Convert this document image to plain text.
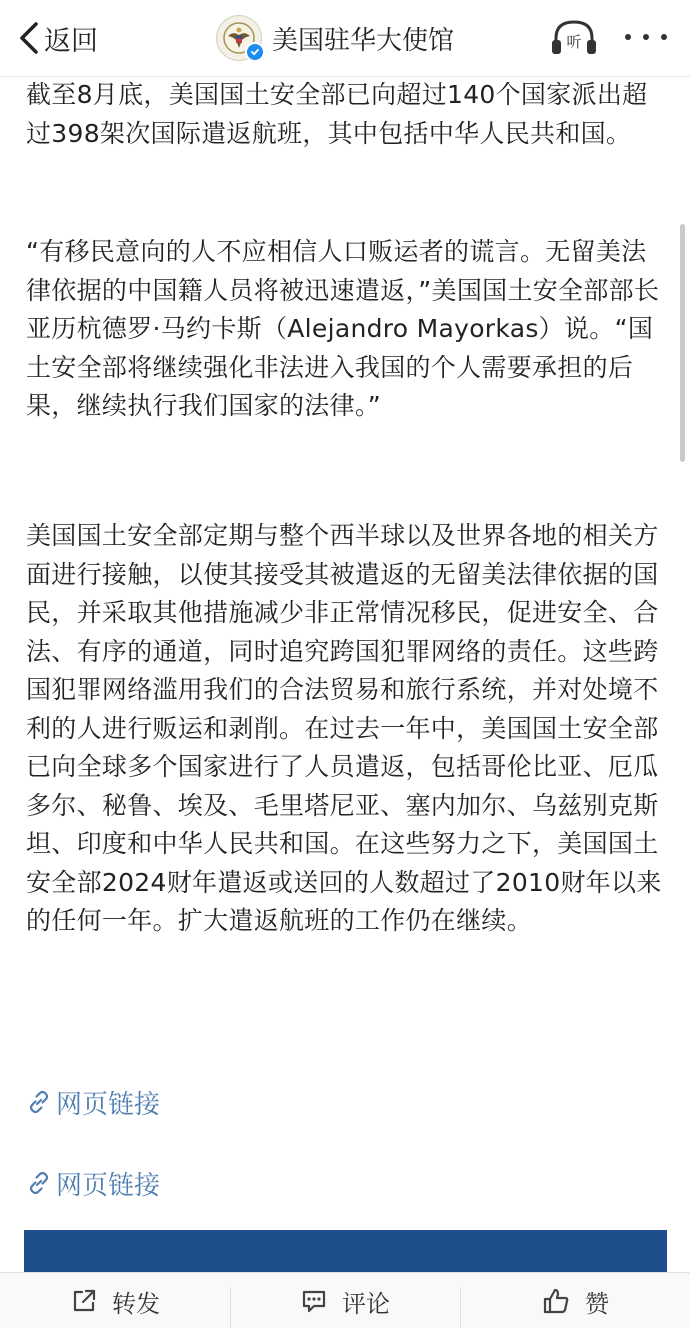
返回	美国驻华大使馆	听

截至8月底，美国国土安全部已向超过140个国家派出超过398架次国际遣返航班，其中包括中华人民共和国。

“有移民意向的人不应相信人口贩运者的谎言。无留美法律依据的中国籍人员将被迅速遣返，”美国国土安全部部长亚历杭德罗·马约卡斯（Alejandro Mayorkas）说。“国土安全部将继续强化非法进入我国的个人需要承担的后果，继续执行我们国家的法律。”

美国国土安全部定期与整个西半球以及世界各地的相关方面进行接触，以使其接受其被遣返的无留美法律依据的国民，并采取其他措施减少非正常情况移民，促进安全、合法、有序的通道，同时追究跨国犯罪网络的责任。这些跨国犯罪网络滥用我们的合法贸易和旅行系统，并对处境不利的人进行贩运和剥削。在过去一年中，美国国土安全部已向全球多个国家进行了人员遣返，包括哥伦比亚、厄瓜多尔、秘鲁、埃及、毛里塔尼亚、塞内加尔、乌兹别克斯坦、印度和中华人民共和国。在这些努力之下，美国国土安全部2024财年遣返或送回的人数超过了2010财年以来的任何一年。扩大遣返航班的工作仍在继续。

网页链接
网页链接
转发	评论	赞
